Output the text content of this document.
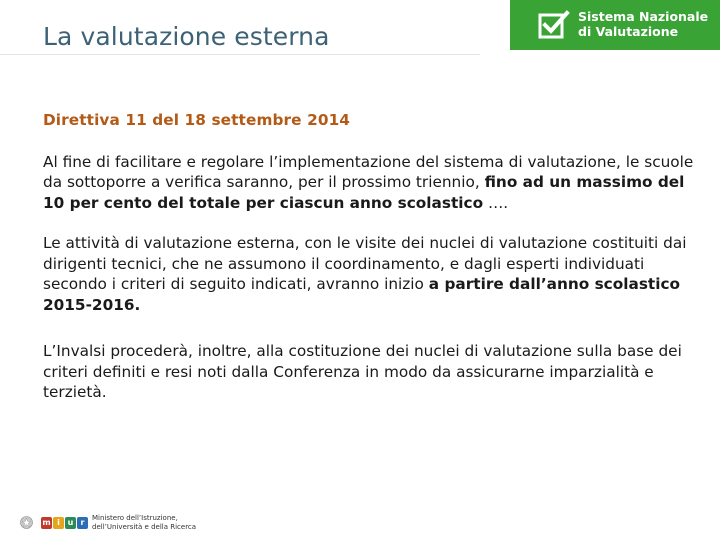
La valutazione esterna
Sistema Nazionale
di Valutazione

Direttiva 11 del 18 settembre 2014

Al fine di facilitare e regolare l’implementazione del sistema di valutazione, le scuole da sottoporre a verifica saranno, per il prossimo triennio, fino ad un massimo del 10 per cento del totale per ciascun anno scolastico ….

Le attività di valutazione esterna, con le visite dei nuclei di valutazione costituiti dai dirigenti tecnici, che ne assumono il coordinamento, e dagli esperti individuati secondo i criteri di seguito indicati, avranno inizio a partire dall’anno scolastico 2015-2016.

L’Invalsi procederà, inoltre, alla costituzione dei nuclei di valutazione sulla base dei criteri definiti e resi noti dalla Conferenza in modo da assicurarne imparzialità e terzietà.

m i u r	Ministero dell’Istruzione,
dell’Università e della Ricerca
